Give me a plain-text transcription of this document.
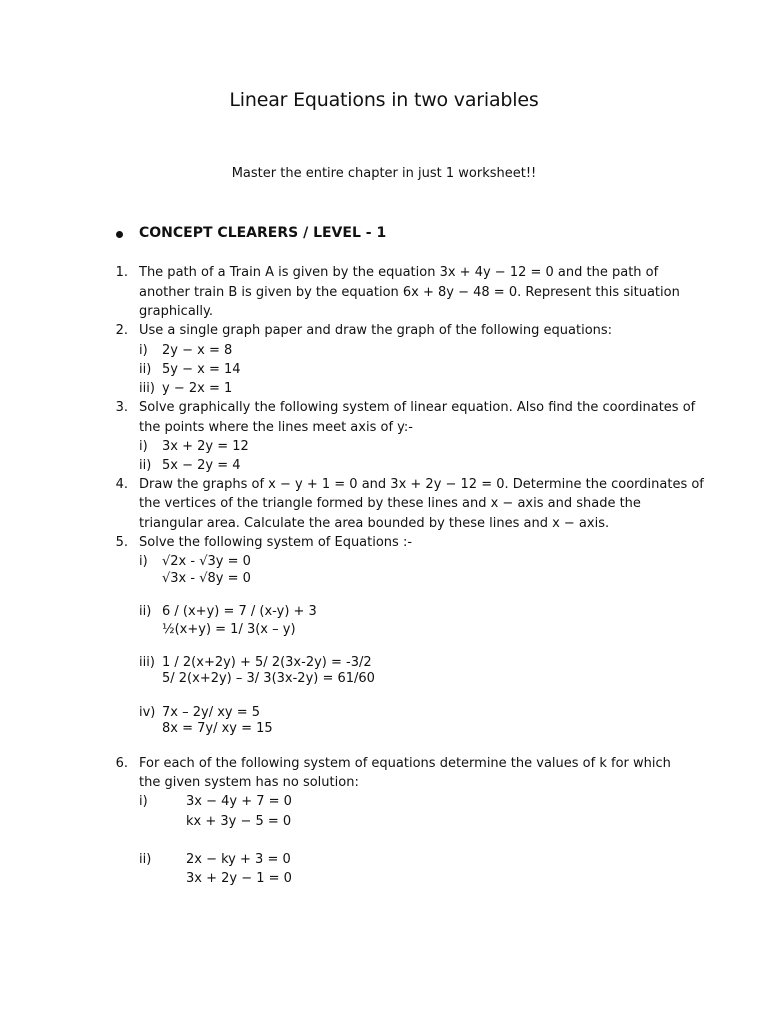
Linear Equations in two variables
Master the entire chapter in just 1 worksheet!!
CONCEPT CLEARERS / LEVEL - 1
1. The path of a Train A is given by the equation 3x + 4y − 12 = 0 and the path of
another train B is given by the equation 6x + 8y − 48 = 0. Represent this situation
graphically.
2. Use a single graph paper and draw the graph of the following equations:
i) 2y − x = 8
ii) 5y − x = 14
iii) y − 2x = 1
3. Solve graphically the following system of linear equation. Also find the coordinates of
the points where the lines meet axis of y:-
i) 3x + 2y = 12
ii) 5x − 2y = 4
4. Draw the graphs of x − y + 1 = 0 and 3x + 2y − 12 = 0. Determine the coordinates of
the vertices of the triangle formed by these lines and x − axis and shade the
triangular area. Calculate the area bounded by these lines and x − axis.
5. Solve the following system of Equations :-
i) √2x - √3y = 0
√3x - √8y = 0
ii) 6 / (x+y) = 7 / (x-y) + 3
½(x+y) = 1/ 3(x – y)
iii) 1 / 2(x+2y) + 5/ 2(3x-2y) = -3/2
5/ 2(x+2y) – 3/ 3(3x-2y) = 61/60
iv) 7x – 2y/ xy = 5
8x = 7y/ xy = 15
6. For each of the following system of equations determine the values of k for which
the given system has no solution:
i)	3x − 4y + 7 = 0
kx + 3y − 5 = 0
ii)	2x − ky + 3 = 0
3x + 2y − 1 = 0
